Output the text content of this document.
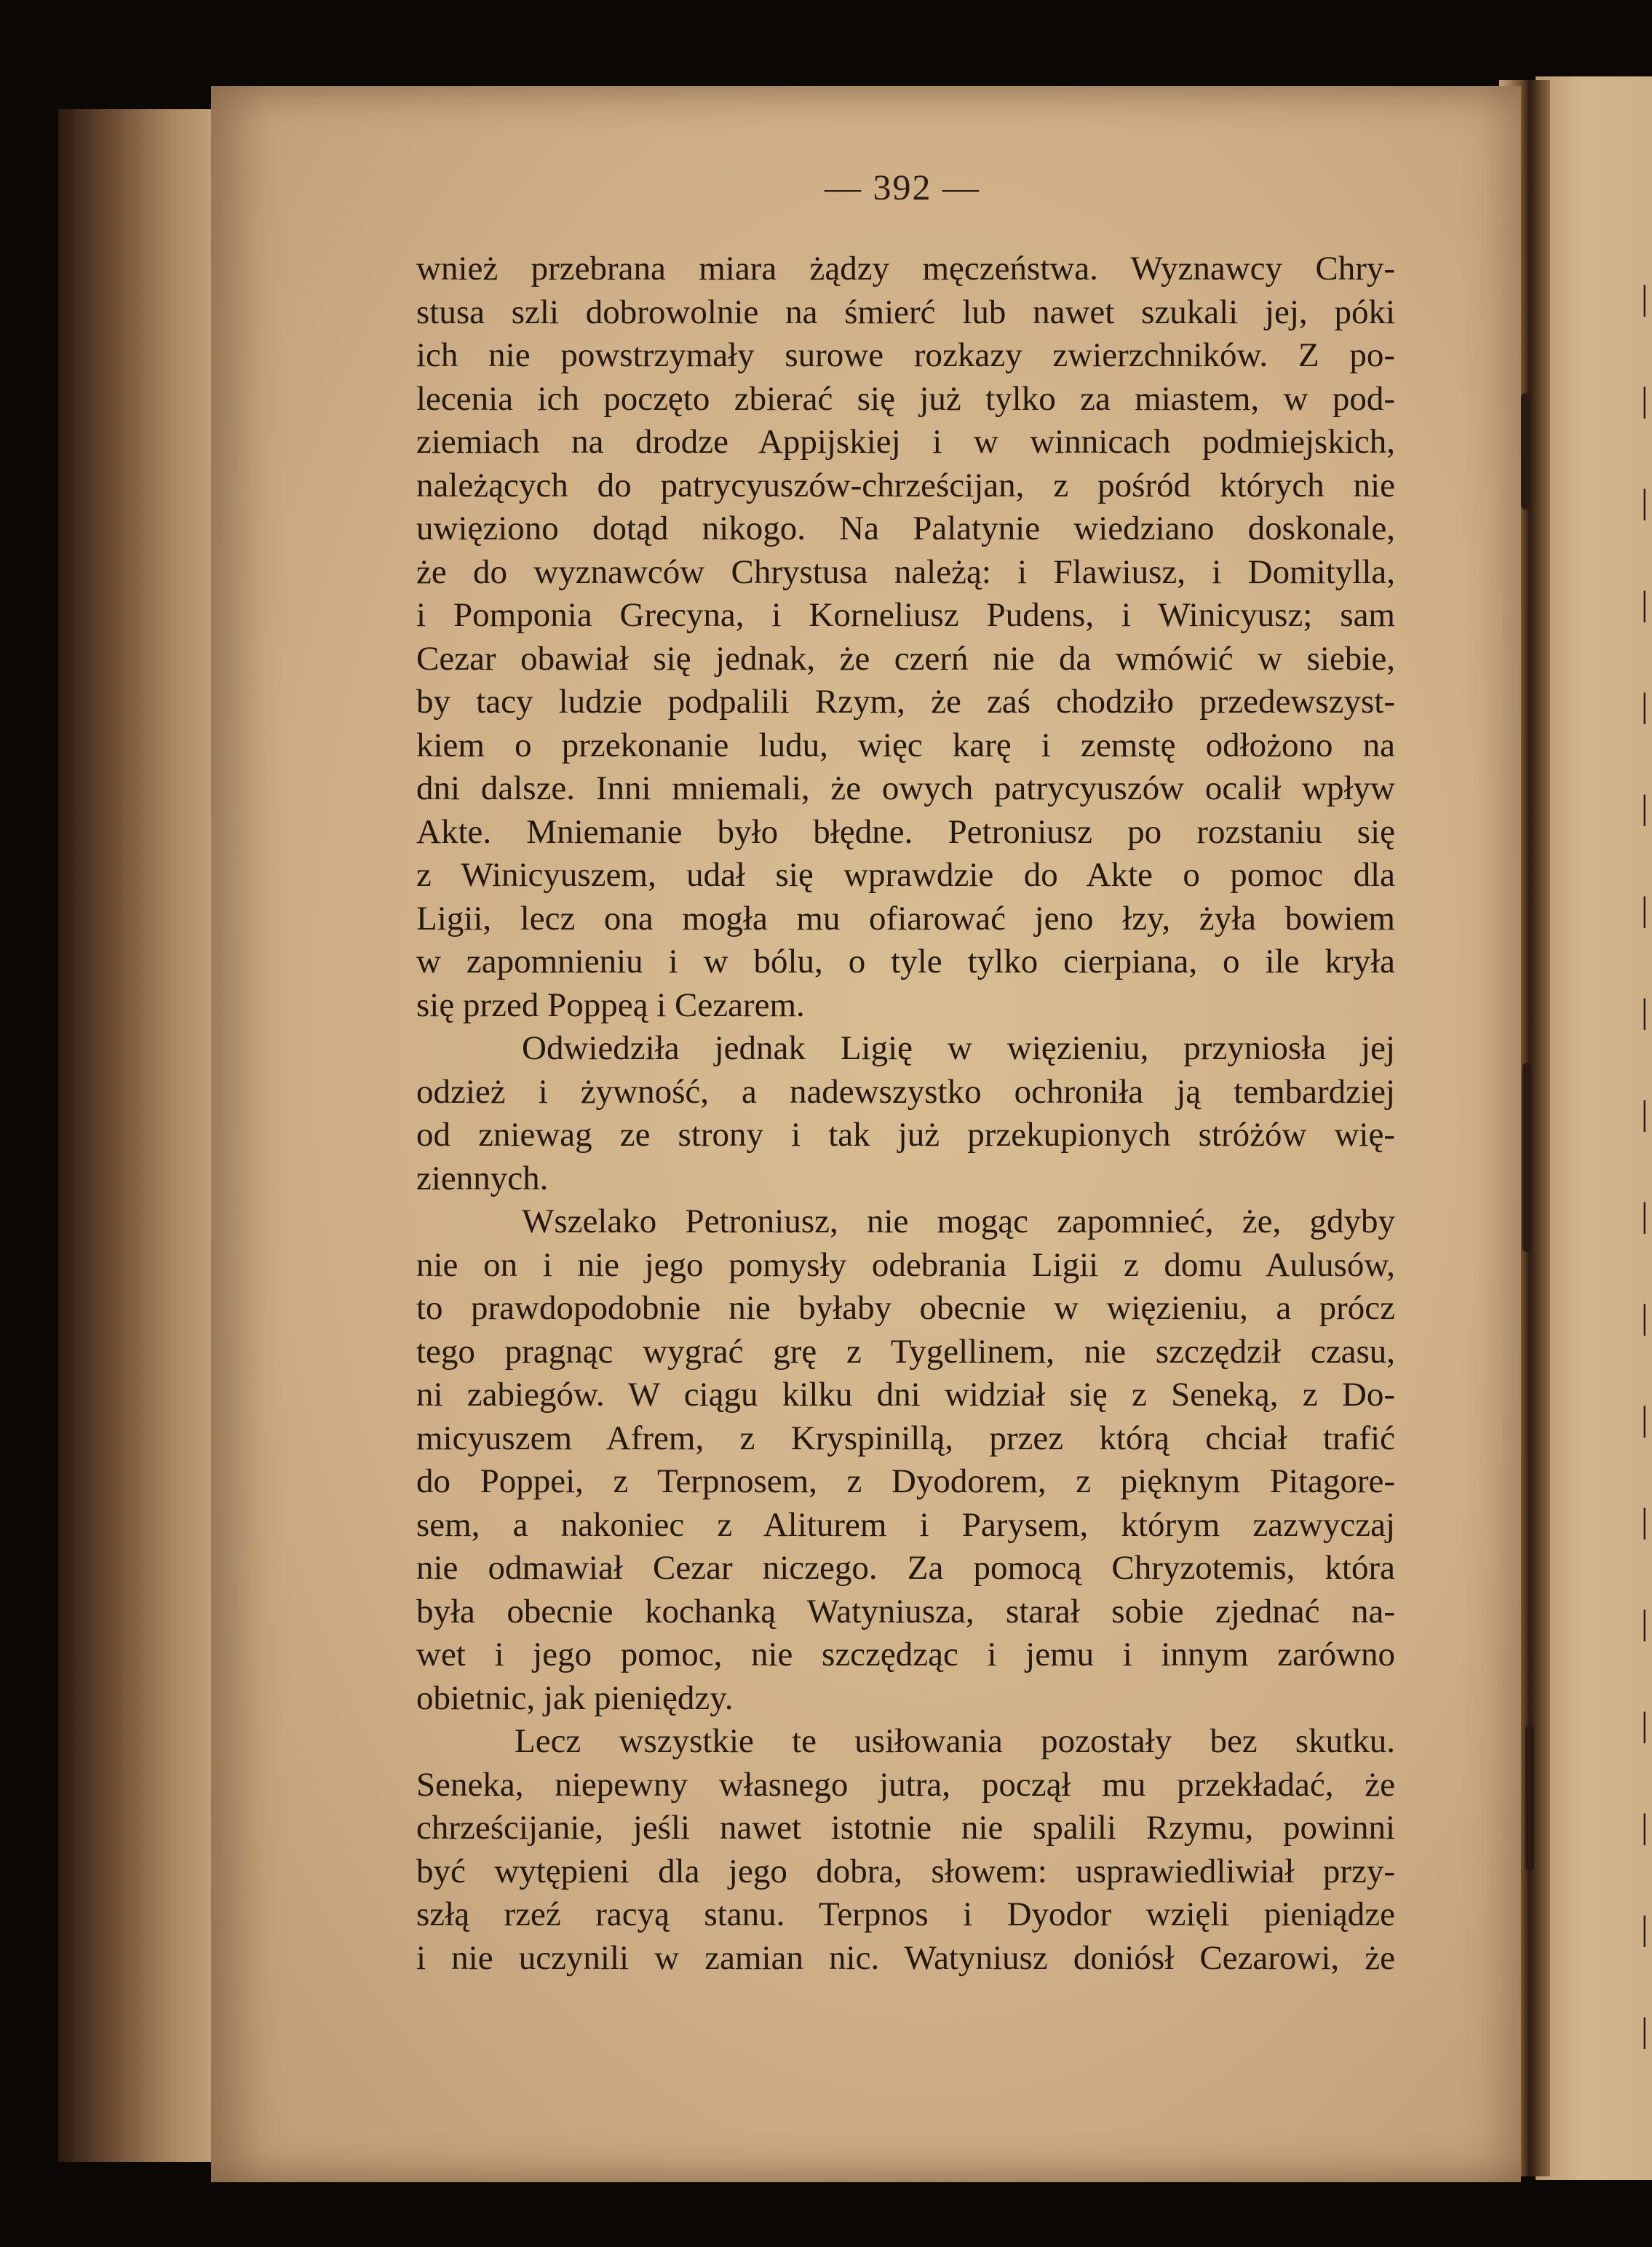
| | | | | | | | | | | | | | | | | |
— 392 —
wnież przebrana miara żądzy męczeństwa. Wyznawcy Chry-
stusa szli dobrowolnie na śmierć lub nawet szukali jej, póki
ich nie powstrzymały surowe rozkazy zwierzchników. Z po-
lecenia ich poczęto zbierać się już tylko za miastem, w pod-
ziemiach na drodze Appijskiej i w winnicach podmiejskich,
należących do patrycyuszów-chrześcijan, z pośród których nie
uwięziono dotąd nikogo. Na Palatynie wiedziano doskonale,
że do wyznawców Chrystusa należą: i Flawiusz, i Domitylla,
i Pomponia Grecyna, i Korneliusz Pudens, i Winicyusz; sam
Cezar obawiał się jednak, że czerń nie da wmówić w siebie,
by tacy ludzie podpalili Rzym, że zaś chodziło przedewszyst-
kiem o przekonanie ludu, więc karę i zemstę odłożono na
dni dalsze. Inni mniemali, że owych patrycyuszów ocalił wpływ
Akte. Mniemanie było błędne. Petroniusz po rozstaniu się
z Winicyuszem, udał się wprawdzie do Akte o pomoc dla
Ligii, lecz ona mogła mu ofiarować jeno łzy, żyła bowiem
w zapomnieniu i w bólu, o tyle tylko cierpiana, o ile kryła
się przed Poppeą i Cezarem.
Odwiedziła jednak Ligię w więzieniu, przyniosła jej
odzież i żywność, a nadewszystko ochroniła ją tembardziej
od zniewag ze strony i tak już przekupionych stróżów wię-
ziennych.
Wszelako Petroniusz, nie mogąc zapomnieć, że, gdyby
nie on i nie jego pomysły odebrania Ligii z domu Aulusów,
to prawdopodobnie nie byłaby obecnie w więzieniu, a prócz
tego pragnąc wygrać grę z Tygellinem, nie szczędził czasu,
ni zabiegów. W ciągu kilku dni widział się z Seneką, z Do-
micyuszem Afrem, z Kryspinillą, przez którą chciał trafić
do Poppei, z Terpnosem, z Dyodorem, z pięknym Pitagore-
sem, a nakoniec z Aliturem i Parysem, którym zazwyczaj
nie odmawiał Cezar niczego. Za pomocą Chryzotemis, która
była obecnie kochanką Watyniusza, starał sobie zjednać na-
wet i jego pomoc, nie szczędząc i jemu i innym zarówno
obietnic, jak pieniędzy.
Lecz wszystkie te usiłowania pozostały bez skutku.
Seneka, niepewny własnego jutra, począł mu przekładać, że
chrześcijanie, jeśli nawet istotnie nie spalili Rzymu, powinni
być wytępieni dla jego dobra, słowem: usprawiedliwiał przy-
szłą rzeź racyą stanu. Terpnos i Dyodor wzięli pieniądze
i nie uczynili w zamian nic. Watyniusz doniósł Cezarowi, że
